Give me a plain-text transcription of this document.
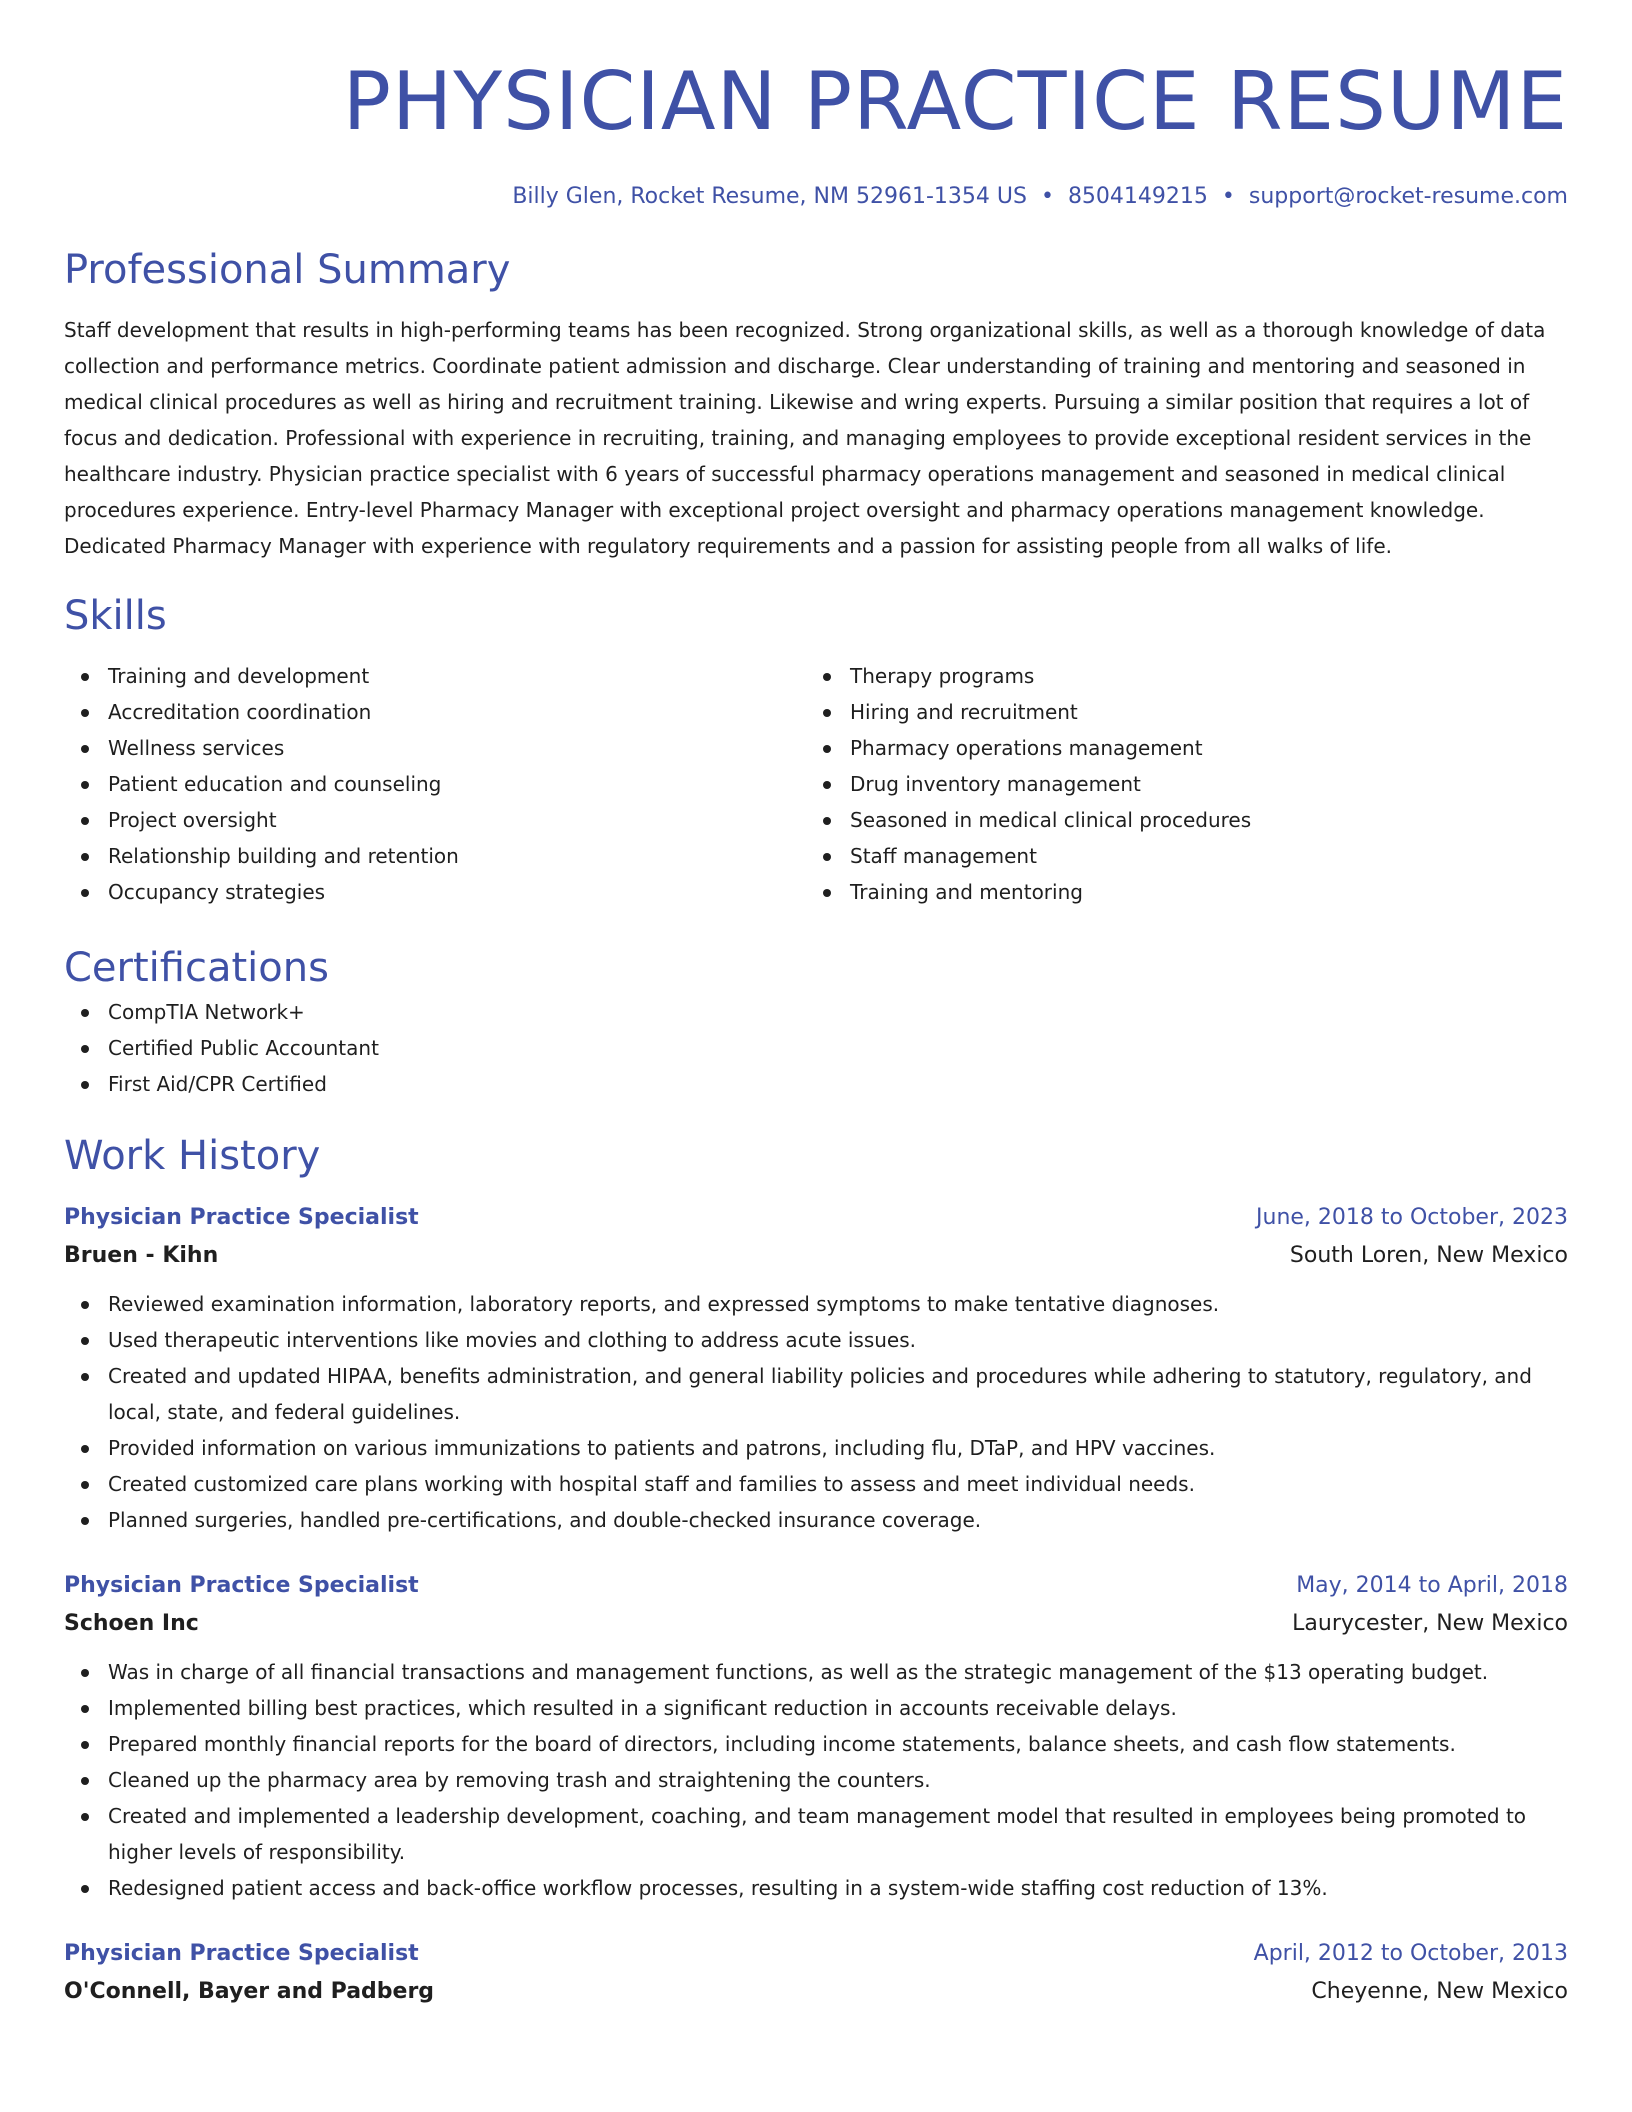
PHYSICIAN PRACTICE RESUME
Billy Glen, Rocket Resume, NM 52961-1354 US • 8504149215 • support@rocket-resume.com
Professional Summary

Staff development that results in high-performing teams has been recognized. Strong organizational skills, as well as a thorough knowledge of data collection and performance metrics. Coordinate patient admission and discharge. Clear understanding of training and mentoring and seasoned in medical clinical procedures as well as hiring and recruitment training. Likewise and wring experts. Pursuing a similar position that requires a lot of focus and dedication. Professional with experience in recruiting, training, and managing employees to provide exceptional resident services in the healthcare industry. Physician practice specialist with 6 years of successful pharmacy operations management and seasoned in medical clinical procedures experience. Entry-level Pharmacy Manager with exceptional project oversight and pharmacy operations management knowledge. Dedicated Pharmacy Manager with experience with regulatory requirements and a passion for assisting people from all walks of life.

Skills
Training and development
Accreditation coordination
Wellness services
Patient education and counseling
Project oversight
Relationship building and retention
Occupancy strategies
Therapy programs
Hiring and recruitment
Pharmacy operations management
Drug inventory management
Seasoned in medical clinical procedures
Staff management
Training and mentoring
Certifications
CompTIA Network+
Certified Public Accountant
First Aid/CPR Certified
Work History
Physician Practice Specialist	June, 2018 to October, 2023
Bruen - Kihn	South Loren, New Mexico
Reviewed examination information, laboratory reports, and expressed symptoms to make tentative diagnoses.
Used therapeutic interventions like movies and clothing to address acute issues.
Created and updated HIPAA, benefits administration, and general liability policies and procedures while adhering to statutory, regulatory, and local, state, and federal guidelines.
Provided information on various immunizations to patients and patrons, including flu, DTaP, and HPV vaccines.
Created customized care plans working with hospital staff and families to assess and meet individual needs.
Planned surgeries, handled pre-certifications, and double-checked insurance coverage.
Physician Practice Specialist	May, 2014 to April, 2018
Schoen Inc	Laurycester, New Mexico
Was in charge of all financial transactions and management functions, as well as the strategic management of the $13 operating budget.
Implemented billing best practices, which resulted in a significant reduction in accounts receivable delays.
Prepared monthly financial reports for the board of directors, including income statements, balance sheets, and cash flow statements.
Cleaned up the pharmacy area by removing trash and straightening the counters.
Created and implemented a leadership development, coaching, and team management model that resulted in employees being promoted to higher levels of responsibility.
Redesigned patient access and back-office workflow processes, resulting in a system-wide staffing cost reduction of 13%.
Physician Practice Specialist	April, 2012 to October, 2013
O'Connell, Bayer and Padberg	Cheyenne, New Mexico
